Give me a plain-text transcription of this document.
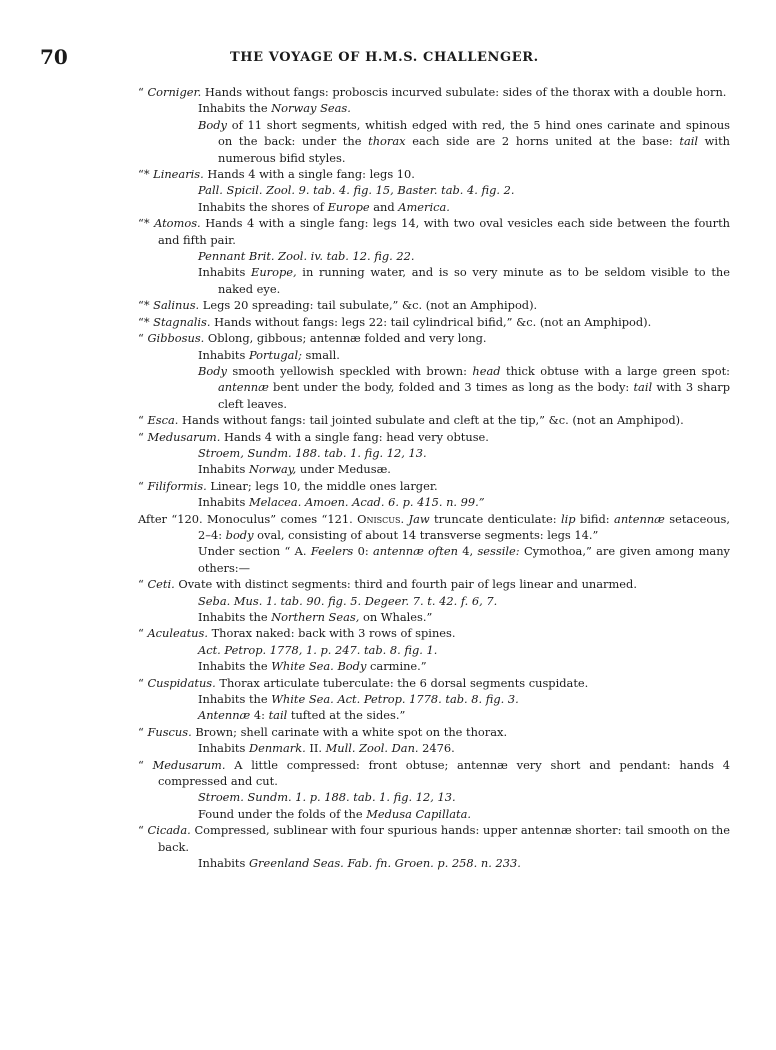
70	THE VOYAGE OF H.M.S. CHALLENGER.

“ Corniger. Hands without fangs: proboscis incurved subulate: sides of the thorax with a double horn.

Inhabits the Norway Seas.

Body of 11 short segments, whitish edged with red, the 5 hind ones carinate and spinous on the back: under the thorax each side are 2 horns united at the base: tail with numerous bifid styles.

“* Linearis. Hands 4 with a single fang: legs 10.

Pall. Spicil. Zool. 9. tab. 4. fig. 15, Baster. tab. 4. fig. 2.

Inhabits the shores of Europe and America.

“* Atomos. Hands 4 with a single fang: legs 14, with two oval vesicles each side between the fourth and fifth pair.

Pennant Brit. Zool. iv. tab. 12. fig. 22.

Inhabits Europe, in running water, and is so very minute as to be seldom visible to the naked eye.

“* Salinus. Legs 20 spreading: tail subulate,” &c. (not an Amphipod).

“* Stagnalis. Hands without fangs: legs 22: tail cylindrical bifid,” &c. (not an Amphipod).

“ Gibbosus. Oblong, gibbous; antennæ folded and very long.

Inhabits Portugal; small.

Body smooth yellowish speckled with brown: head thick obtuse with a large green spot: antennæ bent under the body, folded and 3 times as long as the body: tail with 3 sharp cleft leaves.

“ Esca. Hands without fangs: tail jointed subulate and cleft at the tip,” &c. (not an Amphipod).

“ Medusarum. Hands 4 with a single fang: head very obtuse.

Stroem, Sundm. 188. tab. 1. fig. 12, 13.

Inhabits Norway, under Medusæ.

“ Filiformis. Linear; legs 10, the middle ones larger.

Inhabits Melacea. Amoen. Acad. 6. p. 415. n. 99.”

After “120. Monoculus” comes “121. Oniscus. Jaw truncate denticulate: lip bifid: antennæ setaceous, 2–4: body oval, consisting of about 14 transverse segments: legs 14.”

Under section “ A. Feelers 0: antennæ often 4, sessile: Cymothoa,” are given among many others:—

“ Ceti. Ovate with distinct segments: third and fourth pair of legs linear and unarmed.

Seba. Mus. 1. tab. 90. fig. 5. Degeer. 7. t. 42. f. 6, 7.

Inhabits the Northern Seas, on Whales.”

“ Aculeatus. Thorax naked: back with 3 rows of spines.

Act. Petrop. 1778, 1. p. 247. tab. 8. fig. 1.

Inhabits the White Sea. Body carmine.”

“ Cuspidatus. Thorax articulate tuberculate: the 6 dorsal segments cuspidate.

Inhabits the White Sea. Act. Petrop. 1778. tab. 8. fig. 3.

Antennæ 4: tail tufted at the sides.”

“ Fuscus. Brown; shell carinate with a white spot on the thorax.

Inhabits Denmark. II. Mull. Zool. Dan. 2476.

“ Medusarum. A little compressed: front obtuse; antennæ very short and pendant: hands 4 compressed and cut.

Stroem. Sundm. 1. p. 188. tab. 1. fig. 12, 13.

Found under the folds of the Medusa Capillata.

“ Cicada. Compressed, sublinear with four spurious hands: upper antennæ shorter: tail smooth on the back.

Inhabits Greenland Seas. Fab. fn. Groen. p. 258. n. 233.
